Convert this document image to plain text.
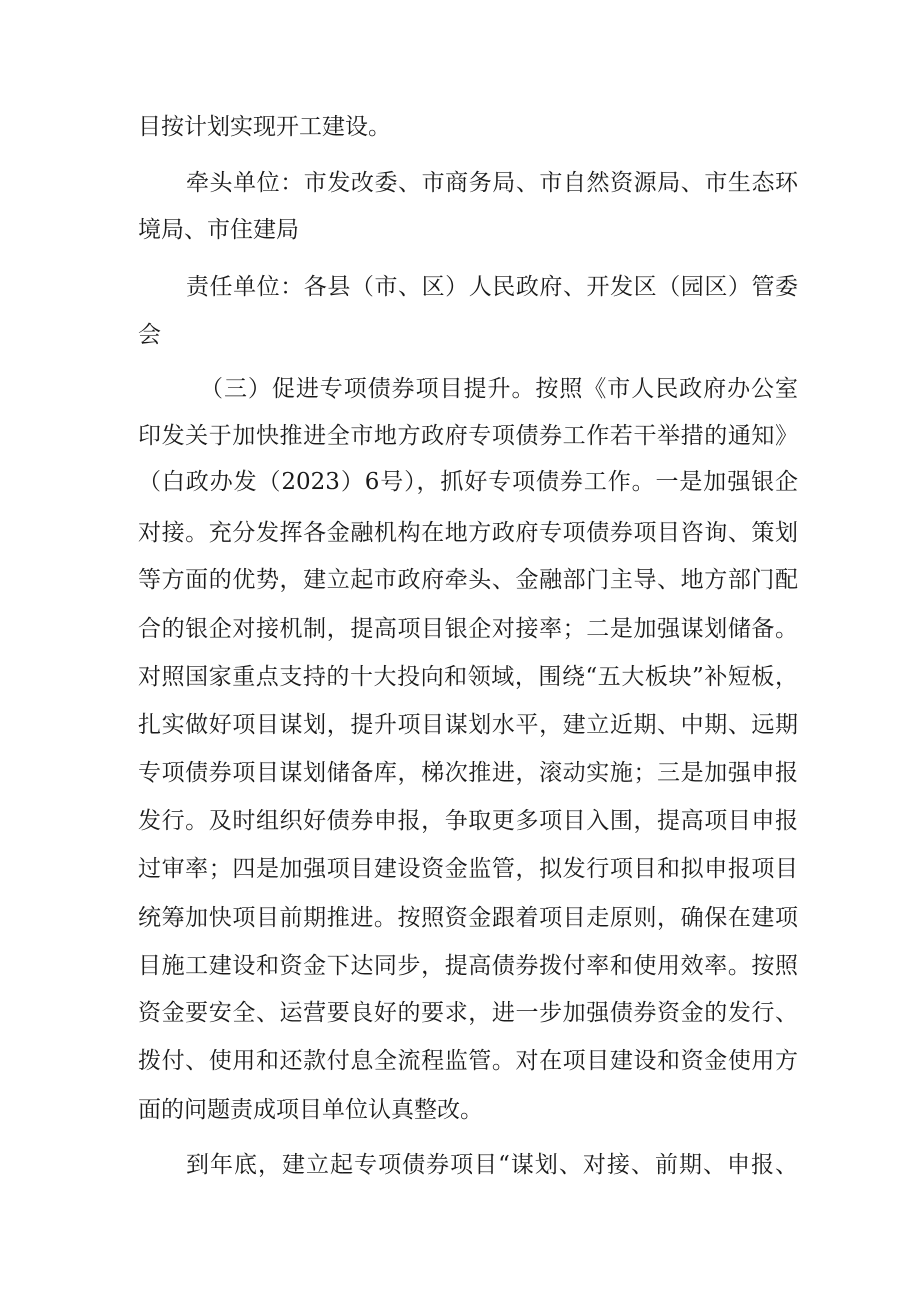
目按计划实现开工建设。
牵头单位：市发改委、市商务局、市自然资源局、市生态环
境局、市住建局
责任单位：各县（市、区）人民政府、开发区（园区）管委
会
（三）促进专项债券项目提升。按照《市人民政府办公室
印发关于加快推进全市地方政府专项债券工作若干举措的通知》
（白政办发（2023）6号），抓好专项债券工作。一是加强银企
对接。充分发挥各金融机构在地方政府专项债券项目咨询、策划
等方面的优势，建立起市政府牵头、金融部门主导、地方部门配
合的银企对接机制，提高项目银企对接率；二是加强谋划储备。
对照国家重点支持的十大投向和领域，围绕“五大板块”补短板，
扎实做好项目谋划，提升项目谋划水平，建立近期、中期、远期
专项债券项目谋划储备库，梯次推进，滚动实施；三是加强申报
发行。及时组织好债券申报，争取更多项目入围，提高项目申报
过审率；四是加强项目建设资金监管，拟发行项目和拟申报项目
统筹加快项目前期推进。按照资金跟着项目走原则，确保在建项
目施工建设和资金下达同步，提高债券拨付率和使用效率。按照
资金要安全、运营要良好的要求，进一步加强债券资金的发行、
拨付、使用和还款付息全流程监管。对在项目建设和资金使用方
面的问题责成项目单位认真整改。
到年底，建立起专项债券项目“谋划、对接、前期、申报、
